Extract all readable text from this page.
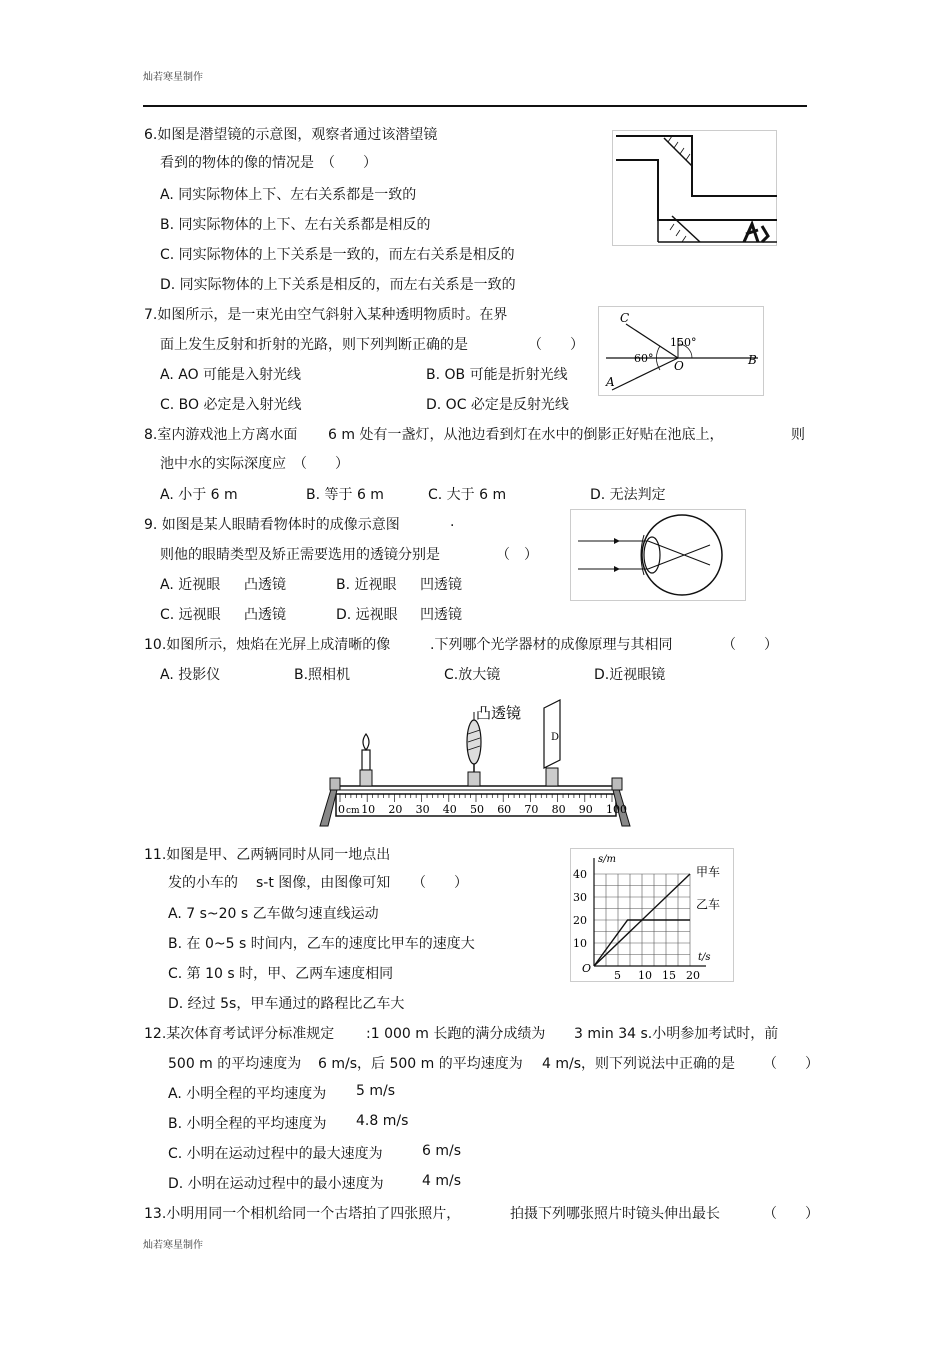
灿若寒星制作
6.如图是潜望镜的示意图，观察者通过该潜望镜
看到的物体的像的情况是　（　　）
A. 同实际物体上下、左右关系都是一致的
B. 同实际物体的上下、左右关系都是相反的
C. 同实际物体的上下关系是一致的，而左右关系是相反的
D. 同实际物体的上下关系是相反的，而左右关系是一致的
7.如图所示，是一束光由空气斜射入某种透明物质时。在界
面上发生反射和折射的光路，则下列判断正确的是	（　　）
A. AO 可能是入射光线	B. OB 可能是折射光线
C. BO 必定是入射光线	D. OC 必定是反射光线
C
A
O	B
150°
60°
8.室内游戏池上方离水面 6 m 处有一盏灯，从池边看到灯在水中的倒影正好贴在池底上，	则
池中水的实际深度应　（　　）
A. 小于 6 m	B. 等于 6 m	C. 大于 6 m	D. 无法判定
9. 如图是某人眼睛看物体时的成像示意图	.
则他的眼睛类型及矫正需要选用的透镜分别是	（　）
A. 近视眼 凸透镜	B. 近视眼 凹透镜
C. 远视眼 凸透镜	D. 远视眼 凹透镜
10.如图所示，烛焰在光屏上成清晰的像	.下列哪个光学器材的成像原理与其相同	（　　）
A. 投影仪	B.照相机	C.放大镜	D.近视眼镜
0 cm 10 20 30 40 50 60 70 80 90 100
凸透镜
D
11.如图是甲、乙两辆同时从同一地点出
发的小车的 s-t 图像，由图像可知 （　　）
A. 7 s~20 s 乙车做匀速直线运动
B. 在 0~5 s 时间内，乙车的速度比甲车的速度大
C. 第 10 s 时，甲、乙两车速度相同
D. 经过 5s，甲车通过的路程比乙车大
5 10 15 20
10
20
30
40
O
s/m
t/s
甲车
乙车
12.某次体育考试评分标准规定 :1 000 m 长跑的满分成绩为 3 min 34 s.小明参加考试时，前
500 m 的平均速度为 6 m/s，后 500 m 的平均速度为 4 m/s，则下列说法中正确的是 （　　）
A. 小明全程的平均速度为 5 m/s
B. 小明全程的平均速度为 4.8 m/s
C. 小明在运动过程中的最大速度为	6 m/s
D. 小明在运动过程中的最小速度为	4 m/s
13.小明用同一个相机给同一个古塔拍了四张照片，	拍摄下列哪张照片时镜头伸出最长	（　　）
灿若寒星制作
